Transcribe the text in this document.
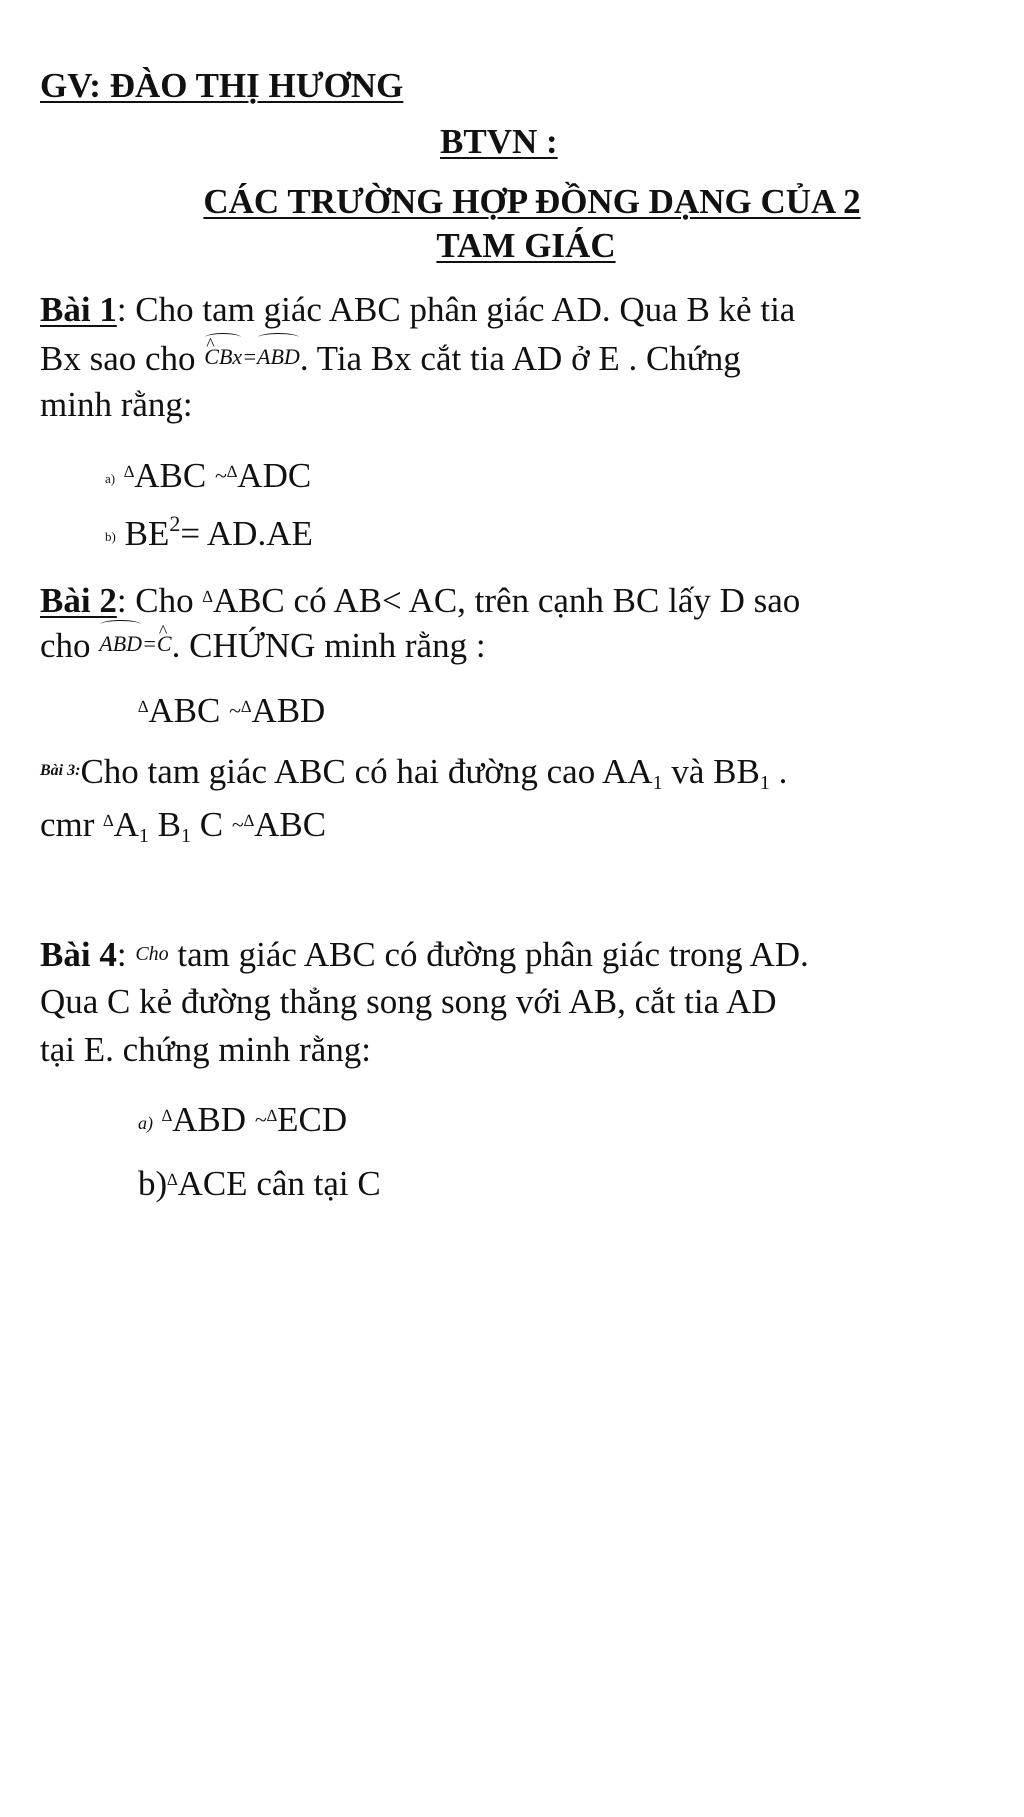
GV: ĐÀO THỊ HƯƠNG
BTVN :
CÁC TRƯỜNG HỢP ĐỒNG DẠNG CỦA 2
TAM GIÁC
Bài 1: Cho tam giác ABC phân giác AD. Qua B kẻ tia
Bx sao cho ^ CBx=ABD. Tia Bx cắt tia AD ở E . Chứng
minh rằng:
a) ∆ABC ~∆ADC
b) $BE^2= AD.AE$
Bài 2: Cho ∆ABC có AB< AC, trên cạnh BC lấy D sao
cho ABD=^ C. CHỨNG minh rằng :
∆ABC ~∆ABD
$^{Bài 3:}$Cho tam giác ABC có hai đường cao $AA_1$ và $BB_1$ .
cmr $^\Delta A_1$ $B_1$ C ~∆ABC
Bài 4: Cho tam giác ABC có đường phân giác trong AD.
Qua C kẻ đường thẳng song song với AB, cắt tia AD
tại E. chứng minh rằng:
a) ∆ABD ~∆ECD
b)∆ACE cân tại C
